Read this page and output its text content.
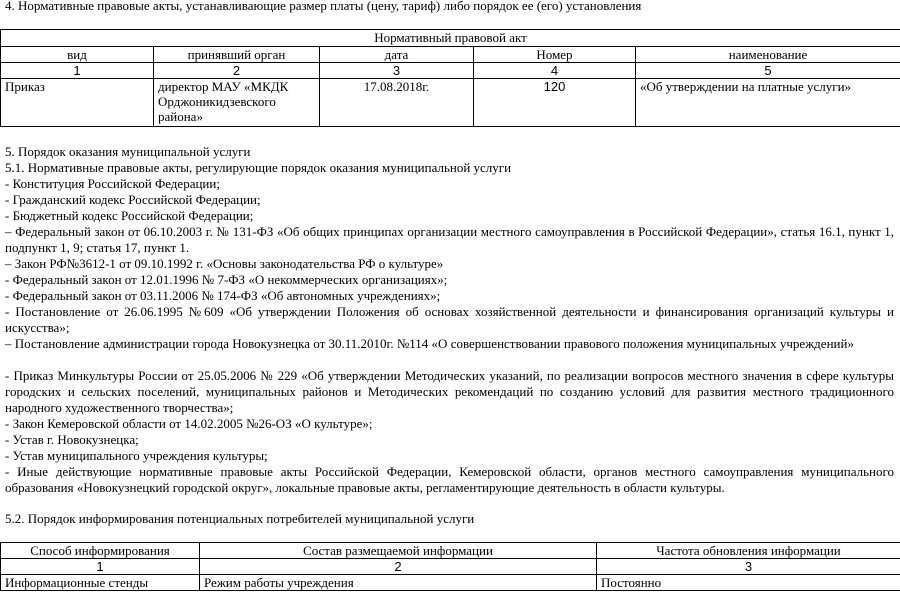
4. Нормативные правовые акты, устанавливающие размер платы (цену, тариф) либо порядок ее (его) установления
Нормативный правовой акт				
вид	принявший орган	дата	Номер	наименование
1	2	3	4	5
Приказ	директор МАУ «МКДК Орджоникидзевского района»	17.08.2018г.	120	«Об утверждении на платные услуги»
5. Порядок оказания муниципальной услуги
5.1. Нормативные правовые акты, регулирующие порядок оказания муниципальной услуги
- Конституция Российской Федерации;
- Гражданский кодекс Российской Федерации;
- Бюджетный кодекс Российской Федерации;
– Федеральный закон от 06.10.2003 г. № 131-ФЗ «Об общих принципах организации местного самоуправления в Российской Федерации», статья 16.1, пункт 1, подпункт 1, 9; статья 17, пункт 1.
– Закон РФ№3612-1 от 09.10.1992 г. «Основы законодательства РФ о культуре»
- Федеральный закон от 12.01.1996 № 7-ФЗ «О некоммерческих организациях»;
- Федеральный закон от 03.11.2006 № 174-ФЗ «Об автономных учреждениях»;
- Постановление от 26.06.1995 №609 «Об утверждении Положения об основах хозяйственной деятельности и финансирования организаций культуры и искусства»;
– Постановление администрации города Новокузнецка от 30.11.2010г. №114 «О совершенствовании правового положения муниципальных учреждений»
- Приказ Минкультуры России от 25.05.2006 № 229 «Об утверждении Методических указаний, по реализации вопросов местного значения в сфере культуры городских и сельских поселений, муниципальных районов и Методических рекомендаций по созданию условий для развития местного традиционного народного художественного творчества»;
- Закон Кемеровской области от 14.02.2005 №26-ОЗ «О культуре»;
- Устав г. Новокузнецка;
- Устав муниципального учреждения культуры;
- Иные действующие нормативные правовые акты Российской Федерации, Кемеровской области, органов местного самоуправления муниципального образования «Новокузнецкий городской округ», локальные правовые акты, регламентирующие деятельность в области культуры.
5.2. Порядок информирования потенциальных потребителей муниципальной услуги
Способ информирования	Состав размещаемой информации	Частота обновления информации
1	2	3
Информационные стенды	Режим работы учреждения	Постоянно
